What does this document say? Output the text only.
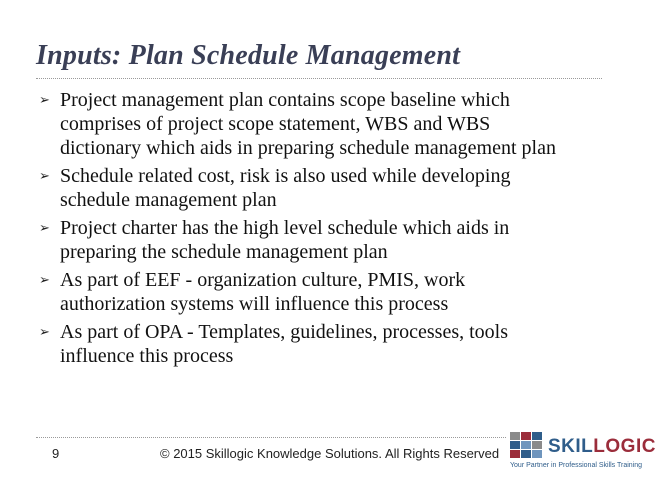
Inputs: Plan Schedule Management
➢ Project management plan contains scope baseline which comprises of project scope statement, WBS and WBS dictionary which aids in preparing schedule management plan
➢ Schedule related cost, risk is also used while developing schedule management plan
➢ Project charter has the high level schedule which aids in preparing the schedule management plan
➢ As part of EEF - organization culture, PMIS, work authorization systems will influence this process
➢ As part of OPA - Templates, guidelines, processes, tools influence this process
9	© 2015 Skillogic Knowledge Solutions. All Rights Reserved	SKILLOGIC
Your Partner in Professional Skills Training
